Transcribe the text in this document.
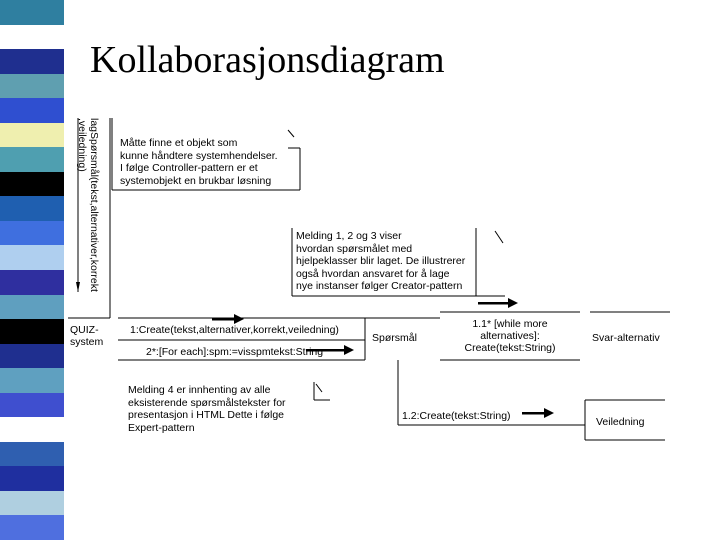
Kollaborasjonsdiagram
lagSpørsmål(tekst,alternativer,korrekt
,veiledning)	Måtte finne et objekt som
kunne håndtere systemhendelser.
I følge Controller-pattern er et
systemobjekt en brukbar løsning
Melding 1, 2 og 3 viser
hvordan spørsmålet med
hjelpeklasser blir laget. De illustrerer
også hvordan ansvaret for å lage
nye instanser følger Creator-pattern
Melding 4 er innhenting av alle
eksisterende spørsmålstekster for
presentasjon i HTML Dette i følge
Expert-pattern
QUIZ-
system	Spørsmål	Svar-alternativ
Veiledning
1:Create(tekst,alternativer,korrekt,veiledning)
2*:[For each]:spm:=visspmtekst:String
1.1* [while more
alternatives]:
Create(tekst:String)
1.2:Create(tekst:String)
